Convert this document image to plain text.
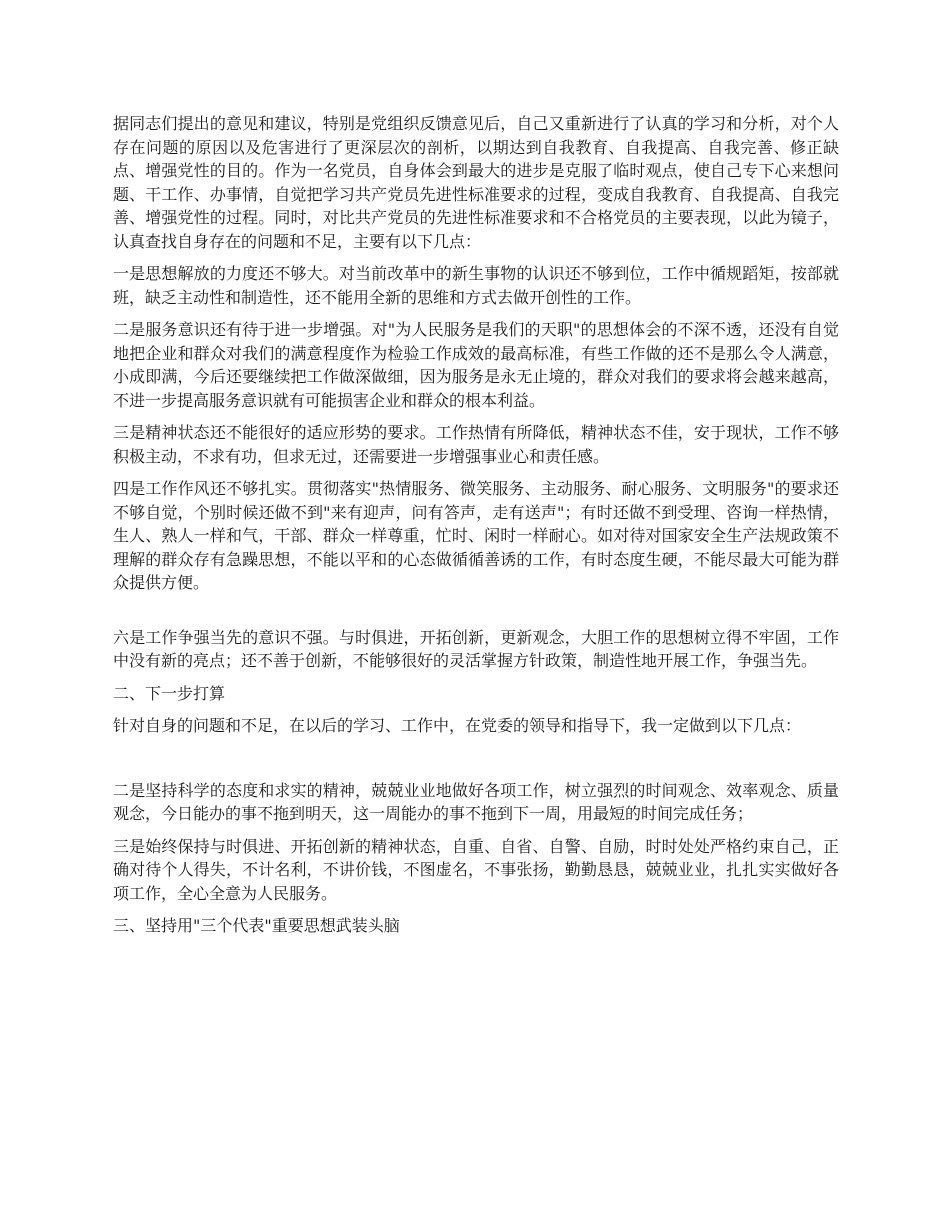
据同志们提出的意见和建议，特别是党组织反馈意见后，自己又重新进行了认真的学习和分析，对个人存在问题的原因以及危害进行了更深层次的剖析，以期达到自我教育、自我提高、自我完善、修正缺点、增强党性的目的。作为一名党员，自身体会到最大的进步是克服了临时观点，使自己专下心来想问题、干工作、办事情，自觉把学习共产党员先进性标准要求的过程，变成自我教育、自我提高、自我完善、增强党性的过程。同时，对比共产党员的先进性标准要求和不合格党员的主要表现，以此为镜子，认真查找自身存在的问题和不足，主要有以下几点：

一是思想解放的力度还不够大。对当前改革中的新生事物的认识还不够到位，工作中循规蹈矩，按部就班，缺乏主动性和制造性，还不能用全新的思维和方式去做开创性的工作。

二是服务意识还有待于进一步增强。对"为人民服务是我们的天职"的思想体会的不深不透，还没有自觉地把企业和群众对我们的满意程度作为检验工作成效的最高标准，有些工作做的还不是那么令人满意，小成即满，今后还要继续把工作做深做细，因为服务是永无止境的，群众对我们的要求将会越来越高，不进一步提高服务意识就有可能损害企业和群众的根本利益。

三是精神状态还不能很好的适应形势的要求。工作热情有所降低，精神状态不佳，安于现状，工作不够积极主动，不求有功，但求无过，还需要进一步增强事业心和责任感。

四是工作作风还不够扎实。贯彻落实"热情服务、微笑服务、主动服务、耐心服务、文明服务"的要求还不够自觉，个别时候还做不到"来有迎声，问有答声，走有送声"；有时还做不到受理、咨询一样热情，生人、熟人一样和气，干部、群众一样尊重，忙时、闲时一样耐心。如对待对国家安全生产法规政策不理解的群众存有急躁思想，不能以平和的心态做循循善诱的工作，有时态度生硬，不能尽最大可能为群众提供方便。

六是工作争强当先的意识不强。与时俱进，开拓创新，更新观念，大胆工作的思想树立得不牢固，工作中没有新的亮点；还不善于创新，不能够很好的灵活掌握方针政策，制造性地开展工作，争强当先。

二、下一步打算

针对自身的问题和不足，在以后的学习、工作中，在党委的领导和指导下，我一定做到以下几点：

二是坚持科学的态度和求实的精神，兢兢业业地做好各项工作，树立强烈的时间观念、效率观念、质量观念，今日能办的事不拖到明天，这一周能办的事不拖到下一周，用最短的时间完成任务；

三是始终保持与时俱进、开拓创新的精神状态，自重、自省、自警、自励，时时处处严格约束自己，正确对待个人得失，不计名利，不讲价钱，不图虚名，不事张扬，勤勤恳恳，兢兢业业，扎扎实实做好各项工作，全心全意为人民服务。

三、坚持用"三个代表"重要思想武装头脑
